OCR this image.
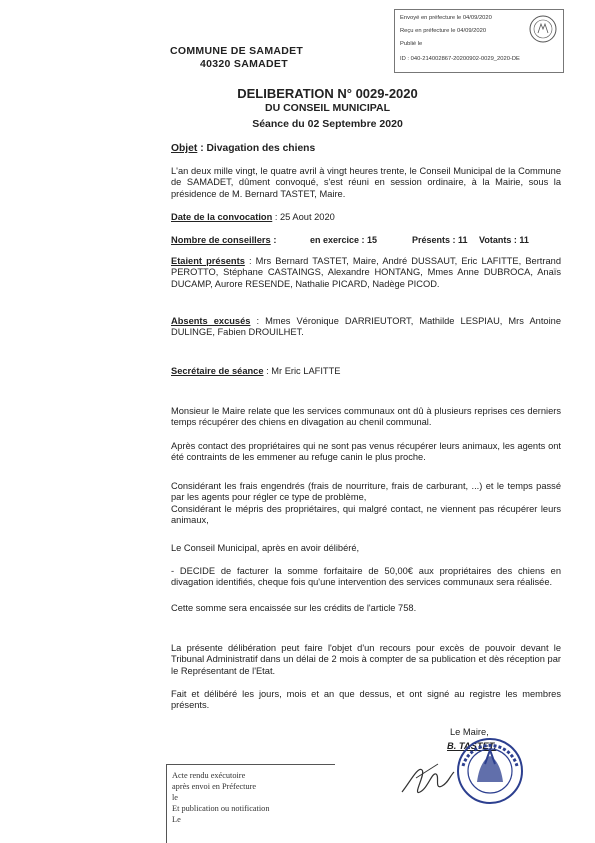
Envoyé en préfecture le 04/09/2020
Reçu en préfecture le 04/09/2020
Publié le
ID : 040-214002867-20200902-0029_2020-DE
COMMUNE DE SAMADET
40320 SAMADET
DELIBERATION N° 0029-2020
DU CONSEIL MUNICIPAL
Séance du 02 Septembre 2020
Objet : Divagation des chiens
L'an deux mille vingt, le quatre avril à vingt heures trente, le Conseil Municipal de la Commune de SAMADET, dûment convoqué, s'est réuni en session ordinaire, à la Mairie, sous la présidence de M. Bernard TASTET, Maire.
Date de la convocation : 25 Aout 2020
Nombre de conseillers :	en exercice : 15	Présents : 11 Votants : 11
Etaient présents : Mrs Bernard TASTET, Maire, André DUSSAUT, Eric LAFITTE, Bertrand PEROTTO, Stéphane CASTAINGS, Alexandre HONTANG, Mmes Anne DUBROCA, Anaïs DUCAMP, Aurore RESENDE, Nathalie PICARD, Nadège PICOD.
Absents excusés : Mmes Véronique DARRIEUTORT, Mathilde LESPIAU, Mrs Antoine DULINGE, Fabien DROUILHET.
Secrétaire de séance : Mr Eric LAFITTE
Monsieur le Maire relate que les services communaux ont dû à plusieurs reprises ces derniers temps récupérer des chiens en divagation au chenil communal.
Après contact des propriétaires qui ne sont pas venus récupérer leurs animaux, les agents ont été contraints de les emmener au refuge canin le plus proche.
Considérant les frais engendrés (frais de nourriture, frais de carburant, ...) et le temps passé par les agents pour régler ce type de problème,
Considérant le mépris des propriétaires, qui malgré contact, ne viennent pas récupérer leurs animaux,
Le Conseil Municipal, après en avoir délibéré,
- DECIDE de facturer la somme forfaitaire de 50,00€ aux propriétaires des chiens en divagation identifiés, cheque fois qu'une intervention des services communaux sera réalisée.
Cette somme sera encaissée sur les crédits de l'article 758.
La présente délibération peut faire l'objet d'un recours pour excès de pouvoir devant le Tribunal Administratif dans un délai de 2 mois à compter de sa publication et dès réception par le Représentant de l'Etat.
Fait et délibéré les jours, mois et an que dessus, et ont signé au registre les membres présents.
Le Maire,
B. TASTET,
Acte rendu exécutoire
après envoi en Préfecture
le
Et publication ou notification
Le
